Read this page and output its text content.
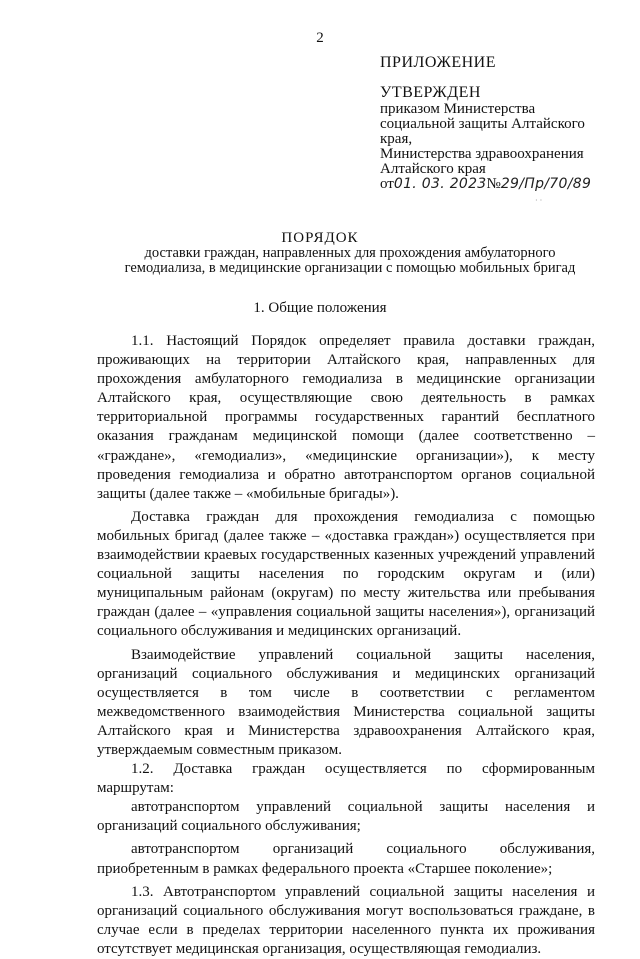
2
ПРИЛОЖЕНИЕ
УТВЕРЖДЕН
приказом Министерства
социальной защиты Алтайского
края,
Министерства здравоохранения
Алтайского края
от01. 03. 2023№29/Пр/70/89
· ·
ПОРЯДОК
доставки граждан, направленных для прохождения амбулаторного гемодиализа, в медицинские организации с помощью мобильных бригад
1. Общие положения

1.1. Настоящий Порядок определяет правила доставки граждан, проживающих на территории Алтайского края, направленных для прохождения амбулаторного гемодиализа в медицинские организации Алтайского края, осуществляющие свою деятельность в рамках территориальной программы государственных гарантий бесплатного оказания гражданам медицинской помощи (далее соответственно – «граждане», «гемодиализ», «медицинские организации»), к месту проведения гемодиализа и обратно автотранспортом органов социальной защиты (далее также – «мобильные бригады»).

Доставка граждан для прохождения гемодиализа с помощью мобильных бригад (далее также – «доставка граждан») осуществляется при взаимодействии краевых государственных казенных учреждений управлений социальной защиты населения по городским округам и (или) муниципальным районам (округам) по месту жительства или пребывания граждан (далее – «управления социальной защиты населения»), организаций социального обслуживания и медицинских организаций.

Взаимодействие управлений социальной защиты населения, организаций социального обслуживания и медицинских организаций осуществляется в том числе в соответствии с регламентом межведомственного взаимодействия Министерства социальной защиты Алтайского края и Министерства здравоохранения Алтайского края, утверждаемым совместным приказом.

1.2. Доставка граждан осуществляется по сформированным маршрутам:

автотранспортом управлений социальной защиты населения и организаций социального обслуживания;

автотранспортом организаций социального обслуживания, приобретенным в рамках федерального проекта «Старшее поколение»;

1.3. Автотранспортом управлений социальной защиты населения и организаций социального обслуживания могут воспользоваться граждане, в случае если в пределах территории населенного пункта их проживания отсутствует медицинская организация, осуществляющая гемодиализ.
